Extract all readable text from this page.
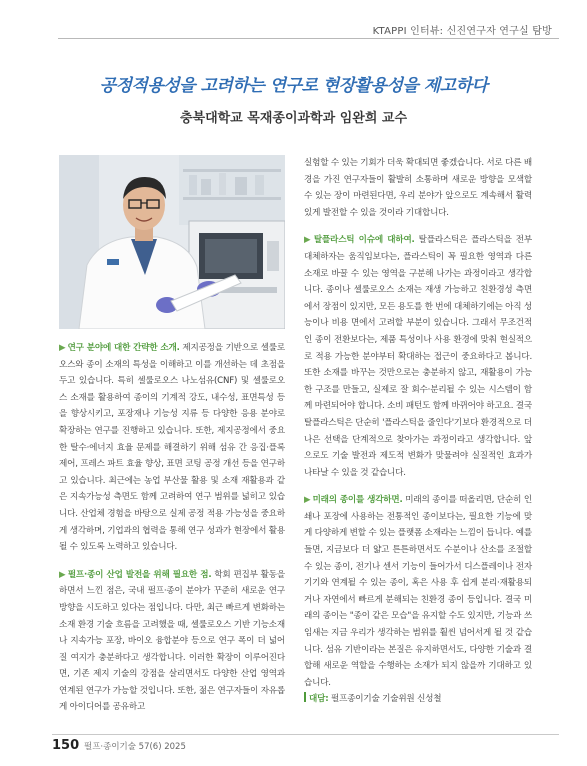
KTAPPI 인터뷰: 신진연구자 연구실 탐방
공정적용성을 고려하는 연구로 현장활용성을 제고하다
충북대학교 목재종이과학과 임완희 교수

▶ 연구 분야에 대한 간략한 소개. 제지공정을 기반으로 셀룰로오스와 종이 소재의 특성을 이해하고 이를 개선하는 데 초점을 두고 있습니다. 특히 셀룰로오스 나노섬유(CNF) 및 셀룰로오스 소재를 활용하여 종이의 기계적 강도, 내수성, 표면특성 등을 향상시키고, 포장재나 기능성 지류 등 다양한 응용 분야로 확장하는 연구를 진행하고 있습니다. 또한, 제지공정에서 중요한 탈수·에너지 효율 문제를 해결하기 위해 섬유 간 응집·플록 제어, 프레스 파트 효율 향상, 표면 코팅 공정 개선 등을 연구하고 있습니다. 최근에는 농업 부산물 활용 및 소재 재활용과 같은 지속가능성 측면도 함께 고려하여 연구 범위를 넓히고 있습니다. 산업체 경험을 바탕으로 실제 공정 적용 가능성을 중요하게 생각하며, 기업과의 협력을 통해 연구 성과가 현장에서 활용될 수 있도록 노력하고 있습니다.

▶ 펄프·종이 산업 발전을 위해 필요한 점. 학회 편집부 활동을 하면서 느낀 점은, 국내 펄프·종이 분야가 꾸준히 새로운 연구 방향을 시도하고 있다는 점입니다. 다만, 최근 빠르게 변화하는 소재 환경 기술 흐름을 고려했을 때, 셀룰로오스 기반 기능소재나 지속가능 포장, 바이오 융합분야 등으로 연구 폭이 더 넓어질 여지가 충분하다고 생각합니다. 이러한 확장이 이루어진다면, 기존 제지 기술의 강점을 살리면서도 다양한 산업 영역과 연계된 연구가 가능할 것입니다. 또한, 젊은 연구자들이 자유롭게 아이디어를 공유하고

실험할 수 있는 기회가 더욱 확대되면 좋겠습니다. 서로 다른 배경을 가진 연구자들이 활발히 소통하며 새로운 방향을 모색할 수 있는 장이 마련된다면, 우리 분야가 앞으로도 계속해서 활력 있게 발전할 수 있을 것이라 기대합니다.

▶ 탈플라스틱 이슈에 대하여. 탈플라스틱은 플라스틱을 전부 대체하자는 움직임보다는, 플라스틱이 꼭 필요한 영역과 다른 소재로 바꿀 수 있는 영역을 구분해 나가는 과정이라고 생각합니다. 종이나 셀룰로오스 소재는 재생 가능하고 친환경성 측면에서 장점이 있지만, 모든 용도를 한 번에 대체하기에는 아직 성능이나 비용 면에서 고려할 부분이 있습니다. 그래서 무조건적인 종이 전환보다는, 제품 특성이나 사용 환경에 맞춰 현실적으로 적용 가능한 분야부터 확대하는 접근이 중요하다고 봅니다. 또한 소재를 바꾸는 것만으로는 충분하지 않고, 재활용이 가능한 구조를 만들고, 실제로 잘 회수·분리될 수 있는 시스템이 함께 마련되어야 합니다. 소비 패턴도 함께 바뀌어야 하고요. 결국 탈플라스틱은 단순히 '플라스틱을 줄인다'기보다 환경적으로 더 나은 선택을 단계적으로 찾아가는 과정이라고 생각합니다. 앞으로도 기술 발전과 제도적 변화가 맞물려야 실질적인 효과가 나타날 수 있을 것 같습니다.

▶ 미래의 종이를 생각하면. 미래의 종이를 떠올리면, 단순히 인쇄나 포장에 사용하는 전통적인 종이보다는, 필요한 기능에 맞게 다양하게 변할 수 있는 플랫폼 소재라는 느낌이 듭니다. 예를 들면, 지금보다 더 얇고 튼튼하면서도 수분이나 산소를 조절할 수 있는 종이, 전기나 센서 기능이 들어가서 디스플레이나 전자 기기와 연계될 수 있는 종이, 혹은 사용 후 쉽게 분리·재활용되거나 자연에서 빠르게 분해되는 친환경 종이 등입니다. 결국 미래의 종이는 "종이 같은 모습"을 유지할 수도 있지만, 기능과 쓰임새는 지금 우리가 생각하는 범위를 훨씬 넘어서게 될 것 같습니다. 섬유 기반이라는 본질은 유지하면서도, 다양한 기술과 결합해 새로운 역할을 수행하는 소재가 되지 않을까 기대하고 있습니다.

대담: 펄프종이기술 기술위원 신성철

150 펄프·종이기술 57(6) 2025
